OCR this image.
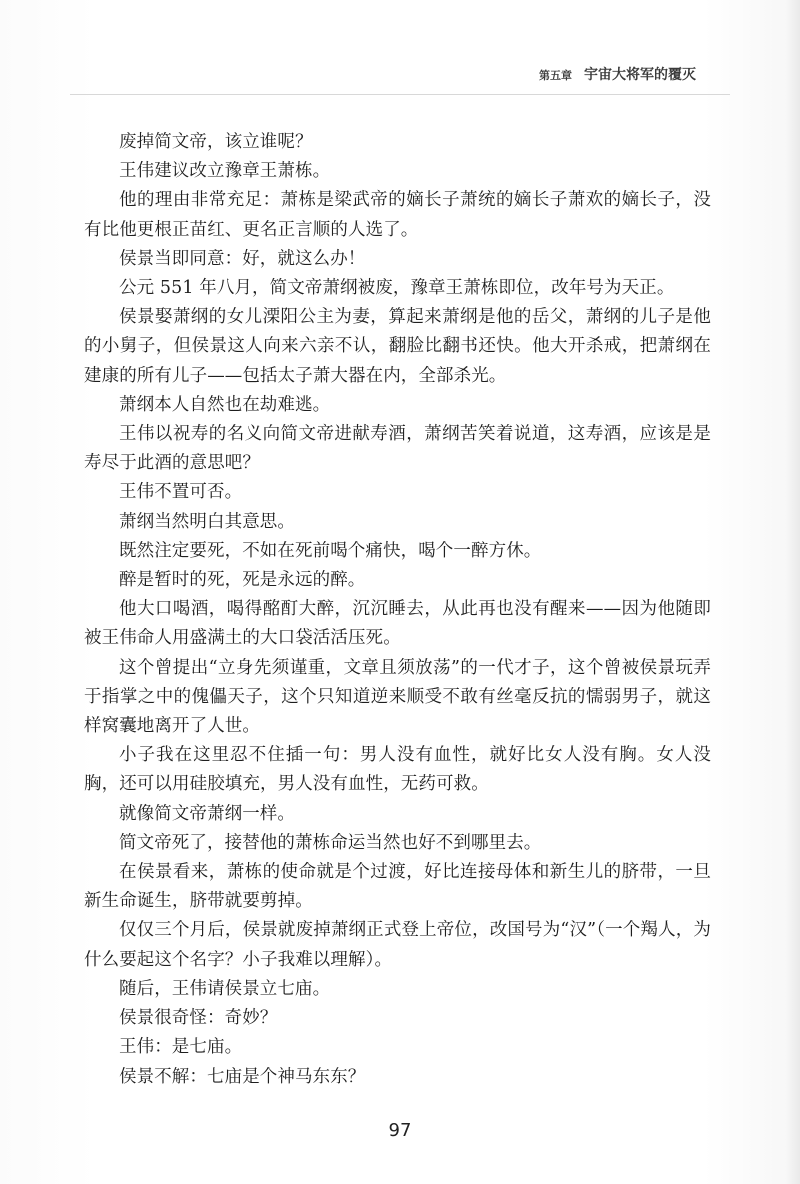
第五章 宇宙大将军的覆灭

废掉简文帝，该立谁呢？

王伟建议改立豫章王萧栋。

他的理由非常充足：萧栋是梁武帝的嫡长子萧统的嫡长子萧欢的嫡长子，没有比他更根正苗红、更名正言顺的人选了。

侯景当即同意：好，就这么办！

公元 551 年八月，简文帝萧纲被废，豫章王萧栋即位，改年号为天正。

侯景娶萧纲的女儿溧阳公主为妻，算起来萧纲是他的岳父，萧纲的儿子是他的小舅子，但侯景这人向来六亲不认，翻脸比翻书还快。他大开杀戒，把萧纲在建康的所有儿子——包括太子萧大器在内，全部杀光。

萧纲本人自然也在劫难逃。

王伟以祝寿的名义向简文帝进献寿酒，萧纲苦笑着说道，这寿酒，应该是是寿尽于此酒的意思吧？

王伟不置可否。

萧纲当然明白其意思。

既然注定要死，不如在死前喝个痛快，喝个一醉方休。

醉是暂时的死，死是永远的醉。

他大口喝酒，喝得酩酊大醉，沉沉睡去，从此再也没有醒来——因为他随即被王伟命人用盛满土的大口袋活活压死。

这个曾提出“立身先须谨重，文章且须放荡”的一代才子，这个曾被侯景玩弄于指掌之中的傀儡天子，这个只知道逆来顺受不敢有丝毫反抗的懦弱男子，就这样窝囊地离开了人世。

小子我在这里忍不住插一句：男人没有血性，就好比女人没有胸。女人没胸，还可以用硅胶填充，男人没有血性，无药可救。

就像简文帝萧纲一样。

简文帝死了，接替他的萧栋命运当然也好不到哪里去。

在侯景看来，萧栋的使命就是个过渡，好比连接母体和新生儿的脐带，一旦新生命诞生，脐带就要剪掉。

仅仅三个月后，侯景就废掉萧纲正式登上帝位，改国号为“汉”（一个羯人，为什么要起这个名字？小子我难以理解）。

随后，王伟请侯景立七庙。

侯景很奇怪：奇妙？

王伟：是七庙。

侯景不解：七庙是个神马东东？

97
